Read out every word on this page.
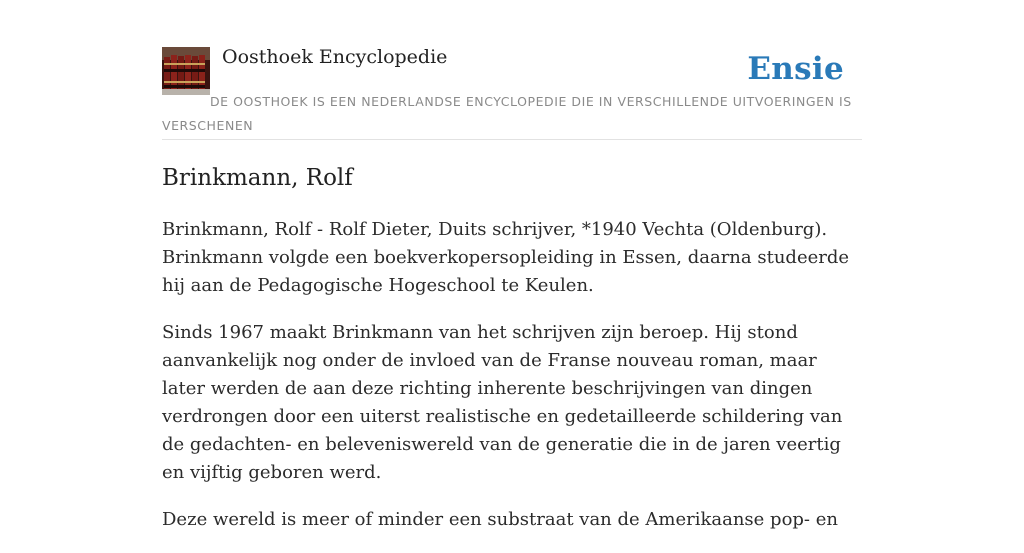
Oosthoek Encyclopedie	Ensie
DE OOSTHOEK IS EEN NEDERLANDSE ENCYCLOPEDIE DIE IN VERSCHILLENDE UITVOERINGEN IS VERSCHENEN
Brinkmann, Rolf

Brinkmann, Rolf - Rolf Dieter, Duits schrijver, *1940 Vechta (Oldenburg). Brinkmann volgde een boekverkopersopleiding in Essen, daarna studeerde hij aan de Pedagogische Hogeschool te Keulen.

Sinds 1967 maakt Brinkmann van het schrijven zijn beroep. Hij stond aanvankelijk nog onder de invloed van de Franse nouveau roman, maar later werden de aan deze richting inherente beschrijvingen van dingen verdrongen door een uiterst realistische en gedetailleerde schildering van de gedachten- en beleveniswereld van de generatie die in de jaren veertig en vijftig geboren werd.

Deze wereld is meer of minder een substraat van de Amerikaanse pop- en
